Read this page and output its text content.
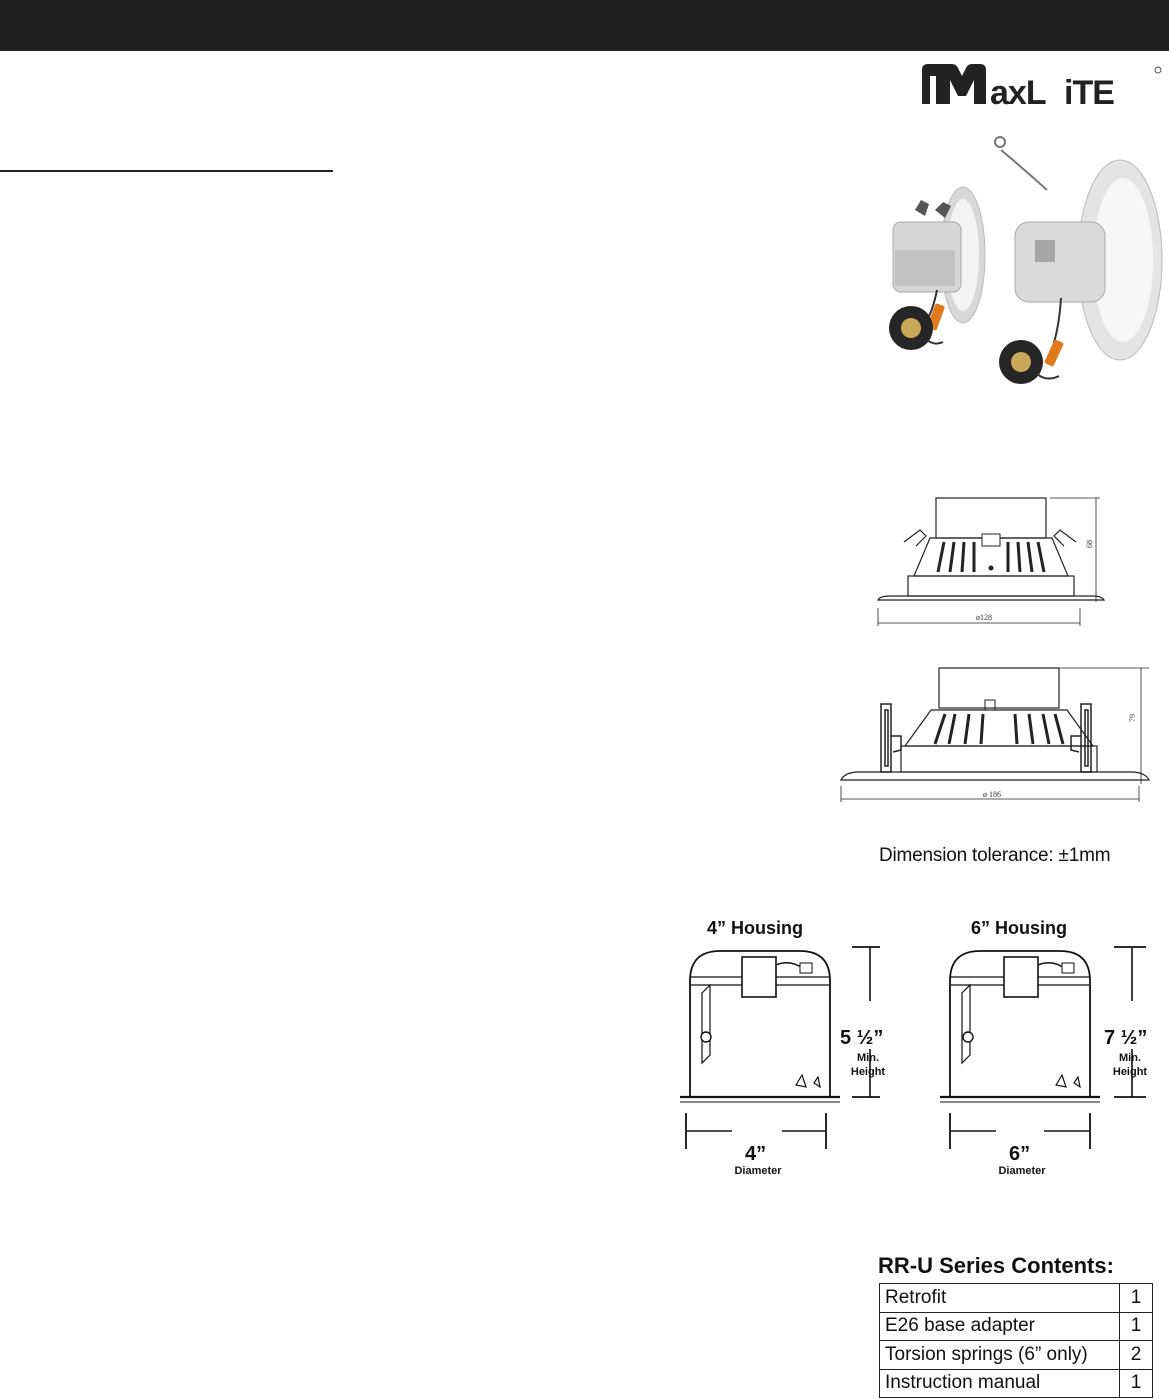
axL iTE
68
ø128
79
ø 186
Dimension tolerance: ±1mm
4” Housing
5 ½”
Min.
Height
4”
Diameter
6” Housing
7 ½”
Min.
Height
6”
Diameter
RR-U Series Contents:
Retrofit	1
E26 base adapter	1
Torsion springs (6” only)	2
Instruction manual	1
